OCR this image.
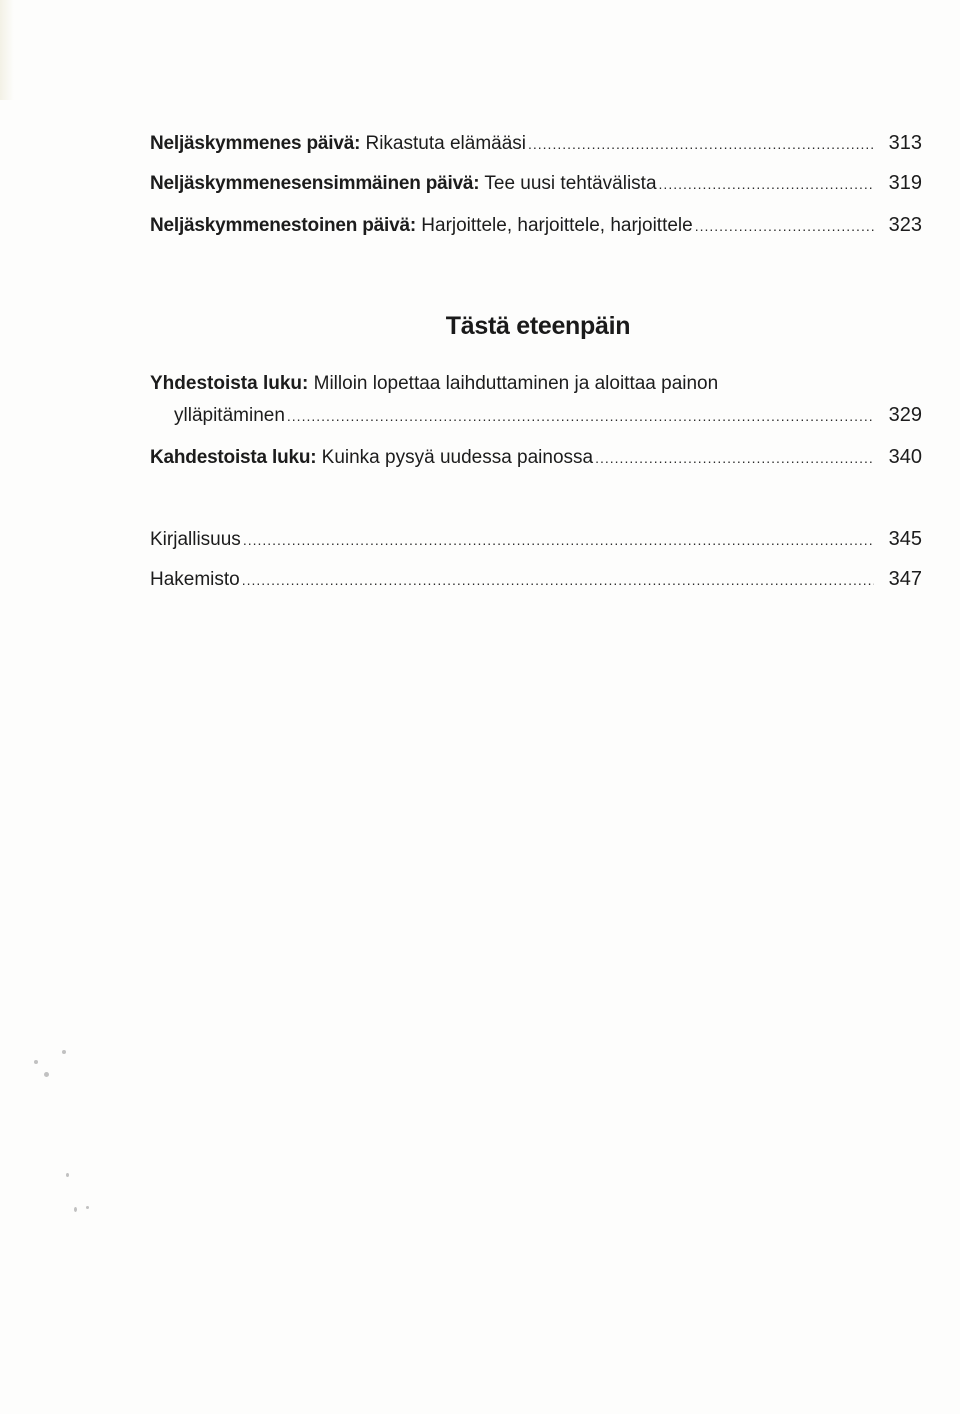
Neljäskymmenes päivä: Rikastuta elämääsi .....	313
Neljäskymmenesensimmäinen päivä: Tee uusi tehtävälista .....	319
Neljäskymmenestoinen päivä: Harjoittele, harjoittele, harjoittele .....	323
Tästä eteenpäin
Yhdestoista luku: Milloin lopettaa laihduttaminen ja aloittaa painon
ylläpitäminen .....	329
Kahdestoista luku: Kuinka pysyä uudessa painossa .....	340
Kirjallisuus .....	345
Hakemisto .....	347
